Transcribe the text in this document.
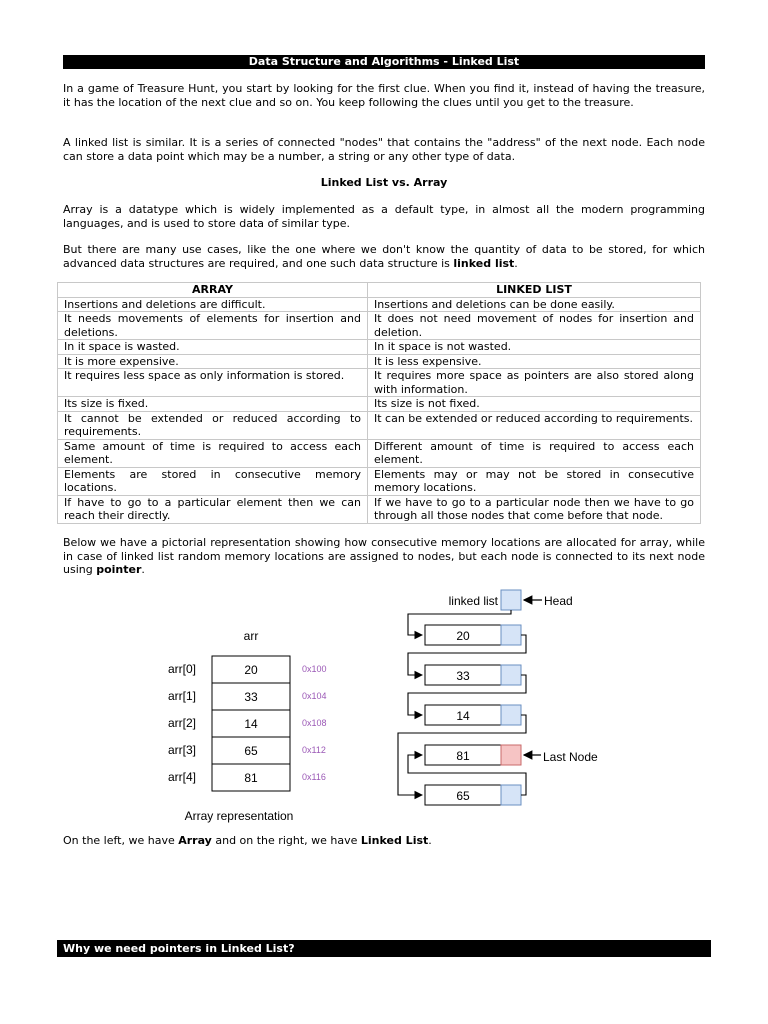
Data Structure and Algorithms - Linked List

In a game of Treasure Hunt, you start by looking for the first clue. When you find it, instead of having the treasure, it has the location of the next clue and so on. You keep following the clues until you get to the treasure.

A linked list is similar. It is a series of connected "nodes" that contains the "address" of the next node. Each node can store a data point which may be a number, a string or any other type of data.

Linked List vs. Array

Array is a datatype which is widely implemented as a default type, in almost all the modern programming languages, and is used to store data of similar type.

But there are many use cases, like the one where we don't know the quantity of data to be stored, for which advanced data structures are required, and one such data structure is linked list.

ARRAY	LINKED LIST
Insertions and deletions are difficult.	Insertions and deletions can be done easily.
It needs movements of elements for insertion and deletions.	It does not need movement of nodes for insertion and deletion.
In it space is wasted.	In it space is not wasted.
It is more expensive.	It is less expensive.
It requires less space as only information is stored.	It requires more space as pointers are also stored along with information.
Its size is fixed.	Its size is not fixed.
It cannot be extended or reduced according to requirements.	It can be extended or reduced according to requirements.
Same amount of time is required to access each element.	Different amount of time is required to access each element.
Elements are stored in consecutive memory locations.	Elements may or may not be stored in consecutive memory locations.
If have to go to a particular element then we can reach their directly.	If we have to go to a particular node then we have to go through all those nodes that come before that node.

Below we have a pictorial representation showing how consecutive memory locations are allocated for array, while in case of linked list random memory locations are assigned to nodes, but each node is connected to its next node using pointer.

arr
arr[0]	20	0x100
arr[1]	33	0x104
arr[2]	14	0x108
arr[3]	65	0x112
arr[4]	81	0x116
Array representation
linked list	Head
20
33
14
81
65
Last Node

On the left, we have Array and on the right, we have Linked List.

Why we need pointers in Linked List?
